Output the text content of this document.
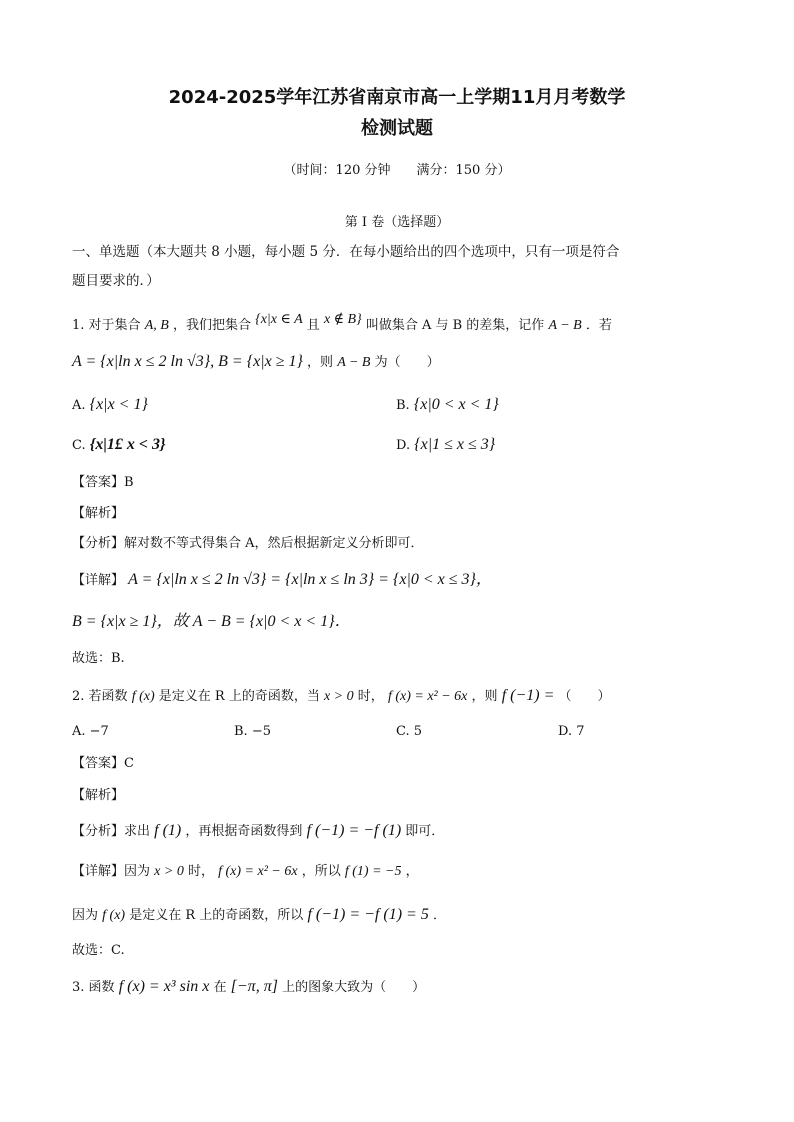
2024-2025学年江苏省南京市高一上学期11月月考数学
检测试题
（时间：120 分钟　　满分：150 分）
第 I 卷（选择题）
一、单选题（本大题共 8 小题，每小题 5 分．在每小题给出的四个选项中，只有一项是符合
题目要求的．）
1. 对于集合 A, B ，我们把集合 {x|x ∈ A 且 x ∉ B} 叫做集合 A 与 B 的差集，记作 A − B ．若
A = {x|ln x ≤ 2 ln √3}, B = {x|x ≥ 1} ，则 A − B 为（　　）
A. {x|x < 1}	B. {x|0 < x < 1}
C. {x|1£ x < 3}	D. {x|1 ≤ x ≤ 3}
【答案】B
【解析】
【分析】解对数不等式得集合 A，然后根据新定义分析即可．
【详解】 A = {x|ln x ≤ 2 ln √3} = {x|ln x ≤ ln 3} = {x|0 < x ≤ 3}，
B = {x|x ≥ 1}，故 A − B = {x|0 < x < 1}．
故选：B.
2. 若函数 f (x) 是定义在 R 上的奇函数，当 x > 0 时， f (x) = x² − 6x ，则 f (−1) = （　　）
A. −7	B. −5	C. 5	D. 7
【答案】C
【解析】
【分析】求出 f (1) ，再根据奇函数得到 f (−1) = −f (1) 即可．
【详解】因为 x > 0 时， f (x) = x² − 6x ，所以 f (1) = −5 ，
因为 f (x) 是定义在 R 上的奇函数，所以 f (−1) = −f (1) = 5 ．
故选：C.
3. 函数 f (x) = x³ sin x 在 [−π, π] 上的图象大致为（　　）
